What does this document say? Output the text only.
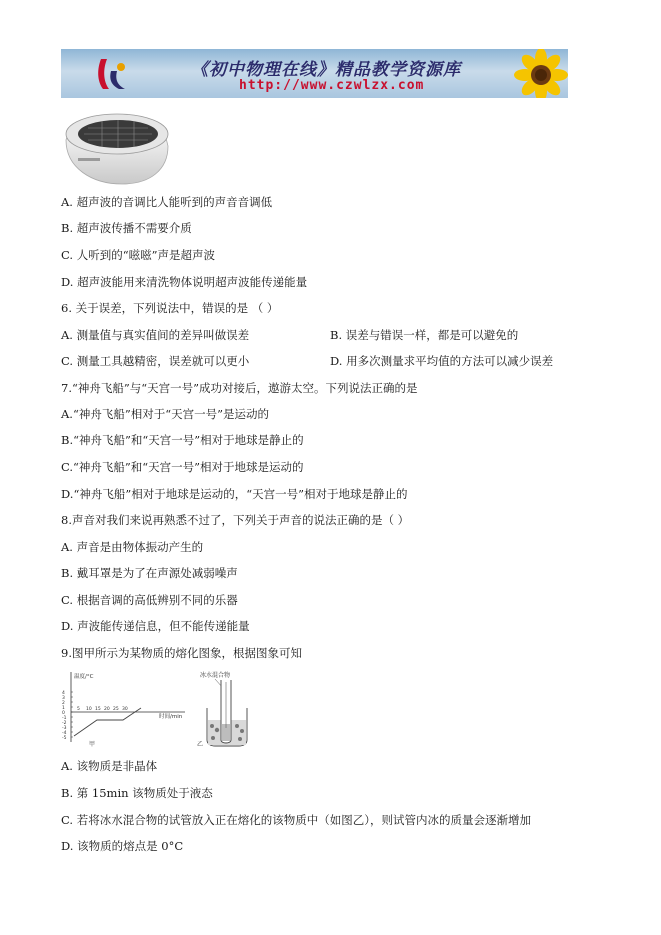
《初中物理在线》精品教学资源库
http://www.czwlzx.com
A. 超声波的音调比人能听到的声音音调低
B. 超声波传播不需要介质
C. 人听到的“嗞嗞”声是超声波
D. 超声波能用来清洗物体说明超声波能传递能量
6. 关于误差，下列说法中，错误的是 （ ）
A. 测量值与真实值间的差异叫做误差	B. 误差与错误一样，都是可以避免的
C. 测量工具越精密，误差就可以更小	D. 用多次测量求平均值的方法可以减少误差
7.“神舟飞船”与“天宫一号”成功对接后，遨游太空。下列说法正确的是
A.“神舟飞船”相对于“天宫一号”是运动的
B.“神舟飞船”和“天宫一号”相对于地球是静止的
C.“神舟飞船”和“天宫一号”相对于地球是运动的
D.“神舟飞船”相对于地球是运动的，“天宫一号”相对于地球是静止的
8.声音对我们来说再熟悉不过了，下列关于声音的说法正确的是（ ）
A. 声音是由物体振动产生的
B. 戴耳罩是为了在声源处减弱噪声
C. 根据音调的高低辨别不同的乐器
D. 声波能传递信息，但不能传递能量
9.图甲所示为某物质的熔化图象，根据图象可知
温度/°C
时间/min
4
3
2
1
0
-1
-2
-3
-4
-5
5 10 15 20 25 30
甲
冰水混合物
乙
A. 该物质是非晶体
B. 第 15min 该物质处于液态
C. 若将冰水混合物的试管放入正在熔化的该物质中（如图乙），则试管内冰的质量会逐渐增加
D. 该物质的熔点是 0°C
